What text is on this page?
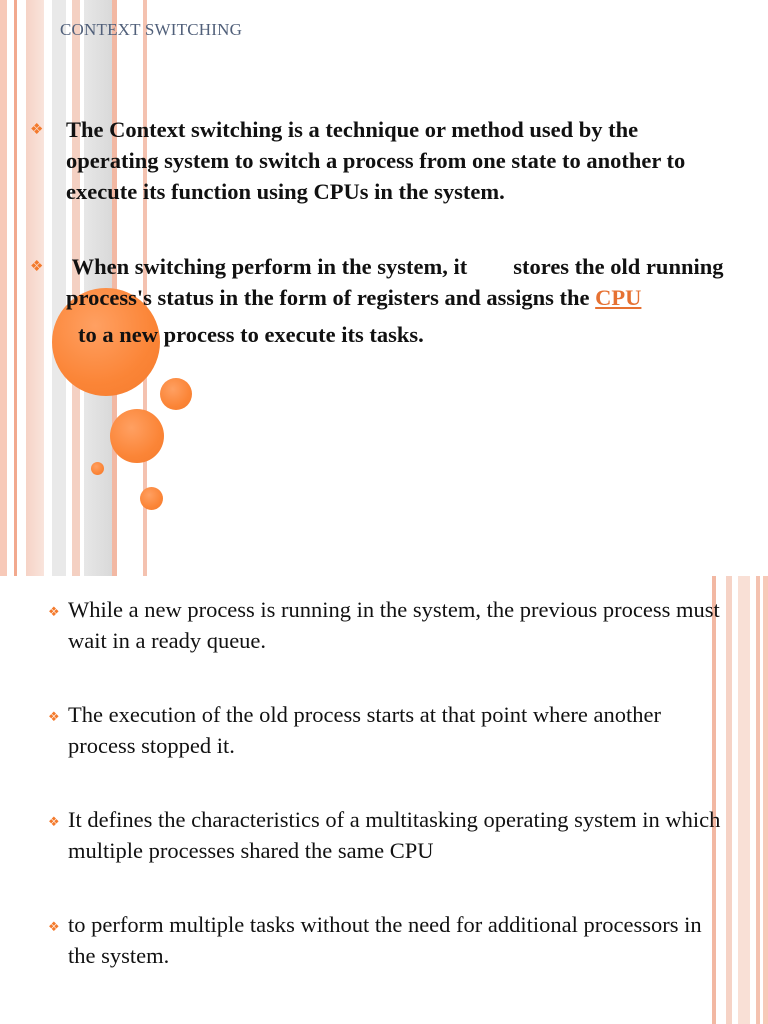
CONTEXT SWITCHING
❖ The Context switching is a technique or method used by the operating system to switch a process from one state to another to execute its function using CPUs in the system.
❖ When switching perform in the system, it stores the old running process's status in the form of registers and assigns the CPU
to a new process to execute its tasks.
❖ While a new process is running in the system, the previous process must wait in a ready queue.
❖ The execution of the old process starts at that point where another process stopped it.
❖ It defines the characteristics of a multitasking operating system in which multiple processes shared the same CPU
❖ to perform multiple tasks without the need for additional processors in the system.
